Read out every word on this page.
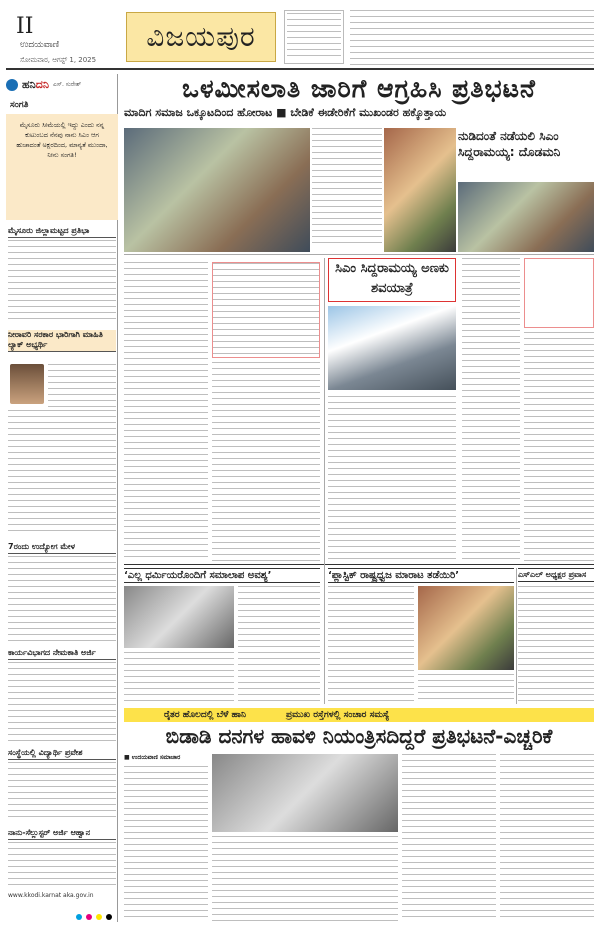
II
ಉದಯವಾಣಿ
ಸೋಮವಾರ, ಆಗಸ್ಟ್ 1, 2025
ವಿಜಯಪುರ
ಹನಿದನಿ ಎಸ್. ಸುರೇಶ್
ಸಂಗತಿ
ಮೈಸೂರು ಸೀಮೆಯಲ್ಲಿ ಇದ್ದು ಎಂದು ನನ್ನ ಕುಟುಂಬದ ನೆನಪು ನಾನು ಸಿಎಂ ಆಗ ಹುಚಾದಂತೆ ಅಕ್ಷರದಿಂದ, ಮಾನ್ಯತೆ ಮುಂದಾ, ನೀನು ಸಂಗತಿ!
ಮೈಸೂರು ಜಿಲ್ಲಾಮಟ್ಟದ ಪ್ರತಿಭಾ
ನೀರಾವರಿ ಸರಕಾರ ಭಾರಿಗಾಗಿ ಮಾಹಿತಿ ಲ್ಯಾಕ್ ಅಭ್ಯರ್ಥಿ
7ರಂದು ಉದ್ಯೋಗ ಮೇಳ
ಕಾರ್ಯವಿಭಾಗದ ನೇಮಕಾತಿ ಅರ್ಜಿ
ಸಂಸ್ಥೆಯಲ್ಲಿ ವಿದ್ಯಾರ್ಥಿ ಪ್ರವೇಶ
ನಾನು-ಸೆಲ್ಲುಸ್ಟರ್ ಅರ್ಜಿ ಆಹ್ವಾನ
www.kkodi.karnat aka.gov.in
ಒಳಮೀಸಲಾತಿ ಜಾರಿಗೆ ಆಗ್ರಹಿಸಿ ಪ್ರತಿಭಟನೆ
ಮಾದಿಗ ಸಮಾಜ ಒಕ್ಕೂಟದಿಂದ ಹೋರಾಟ ■ ಬೇಡಿಕೆ ಈಡೇರಿಕೆಗೆ ಮುಖಂಡರ ಹಕ್ಕೊತ್ತಾಯ
ನುಡಿದಂತೆ ನಡೆಯಲಿ ಸಿಎಂ ಸಿದ್ದರಾಮಯ್ಯ: ದೊಡಮನಿ
ಸಿಎಂ ಸಿದ್ದರಾಮಯ್ಯ ಅಣಕು ಶವಯಾತ್ರೆ
‘ಎಲ್ಲ ಧರ್ಮಿಯರೊಂದಿಗೆ ಸಮಾಲಾಪ ಅವಶ್ಯ’	‘ಪ್ಲಾಸ್ಟಿಕ್ ರಾಷ್ಟ್ರಧ್ವಜ ಮಾರಾಟ ತಡೆಯಿರಿ’	ಎಸ್ಎಲ್ ಅಧ್ಯಕ್ಷರ ಪ್ರವಾಸ
ರೈತರ ಹೊಲದಲ್ಲಿ ಬೆಳೆ ಹಾನಿ	ಪ್ರಮುಖ ರಸ್ತೆಗಳಲ್ಲಿ ಸಂಚಾರ ಸಮಸ್ಯೆ
ಬಿಡಾಡಿ ದನಗಳ ಹಾವಳಿ ನಿಯಂತ್ರಿಸದಿದ್ದರೆ ಪ್ರತಿಭಟನೆ-ಎಚ್ಚರಿಕೆ
■ ಉದಯವಾಣಿ ಸಮಾಚಾರ
